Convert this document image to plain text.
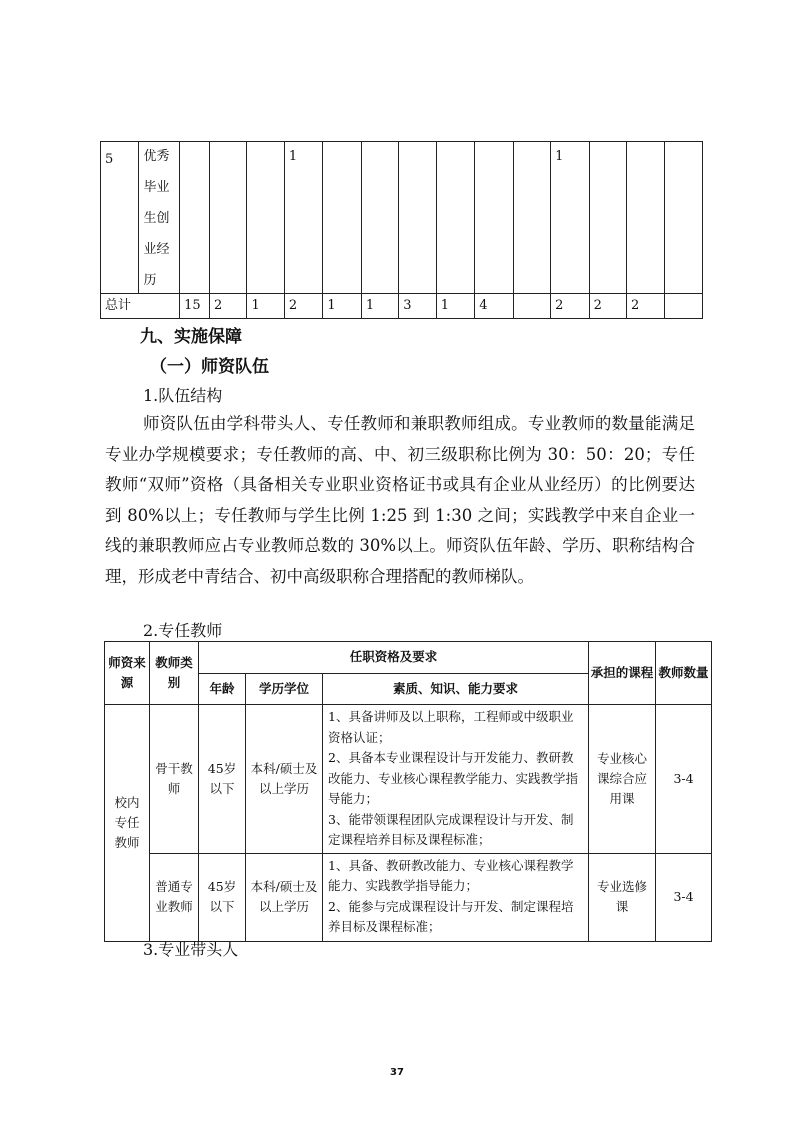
5	优秀
毕业
生创
业经
历				1							1			
总计		15	2	1	2	1	1	3	1	4		2	2	2	
九、实施保障
（一）师资队伍
1.队伍结构

师资队伍由学科带头人、专任教师和兼职教师组成。专业教师的数量能满足专业办学规模要求；专任教师的高、中、初三级职称比例为 30：50：20；专任教师“双师”资格（具备相关专业职业资格证书或具有企业从业经历）的比例要达到 80%以上；专任教师与学生比例 1:25 到 1:30 之间；实践教学中来自企业一线的兼职教师应占专业教师总数的 30%以上。师资队伍年龄、学历、职称结构合理，形成老中青结合、初中高级职称合理搭配的教师梯队。

2.专任教师
师资来源	教师类别	任职资格及要求			承担的课程	教师数量
		年龄	学历学位	素质、知识、能力要求		
校内专任教师	骨干教师	45岁以下	本科/硕士及以上学历	1、具备讲师及以上职称，工程师或中级职业资格认证；
2、具备本专业课程设计与开发能力、教研教改能力、专业核心课程教学能力、实践教学指导能力；
3、能带领课程团队完成课程设计与开发、制定课程培养目标及课程标准；	专业核心课综合应用课	3-4
	普通专业教师	45岁以下	本科/硕士及以上学历	1、具备、教研教改能力、专业核心课程教学能力、实践教学指导能力；
2、能参与完成课程设计与开发、制定课程培养目标及课程标准；	专业选修课	3-4
3.专业带头人
37
